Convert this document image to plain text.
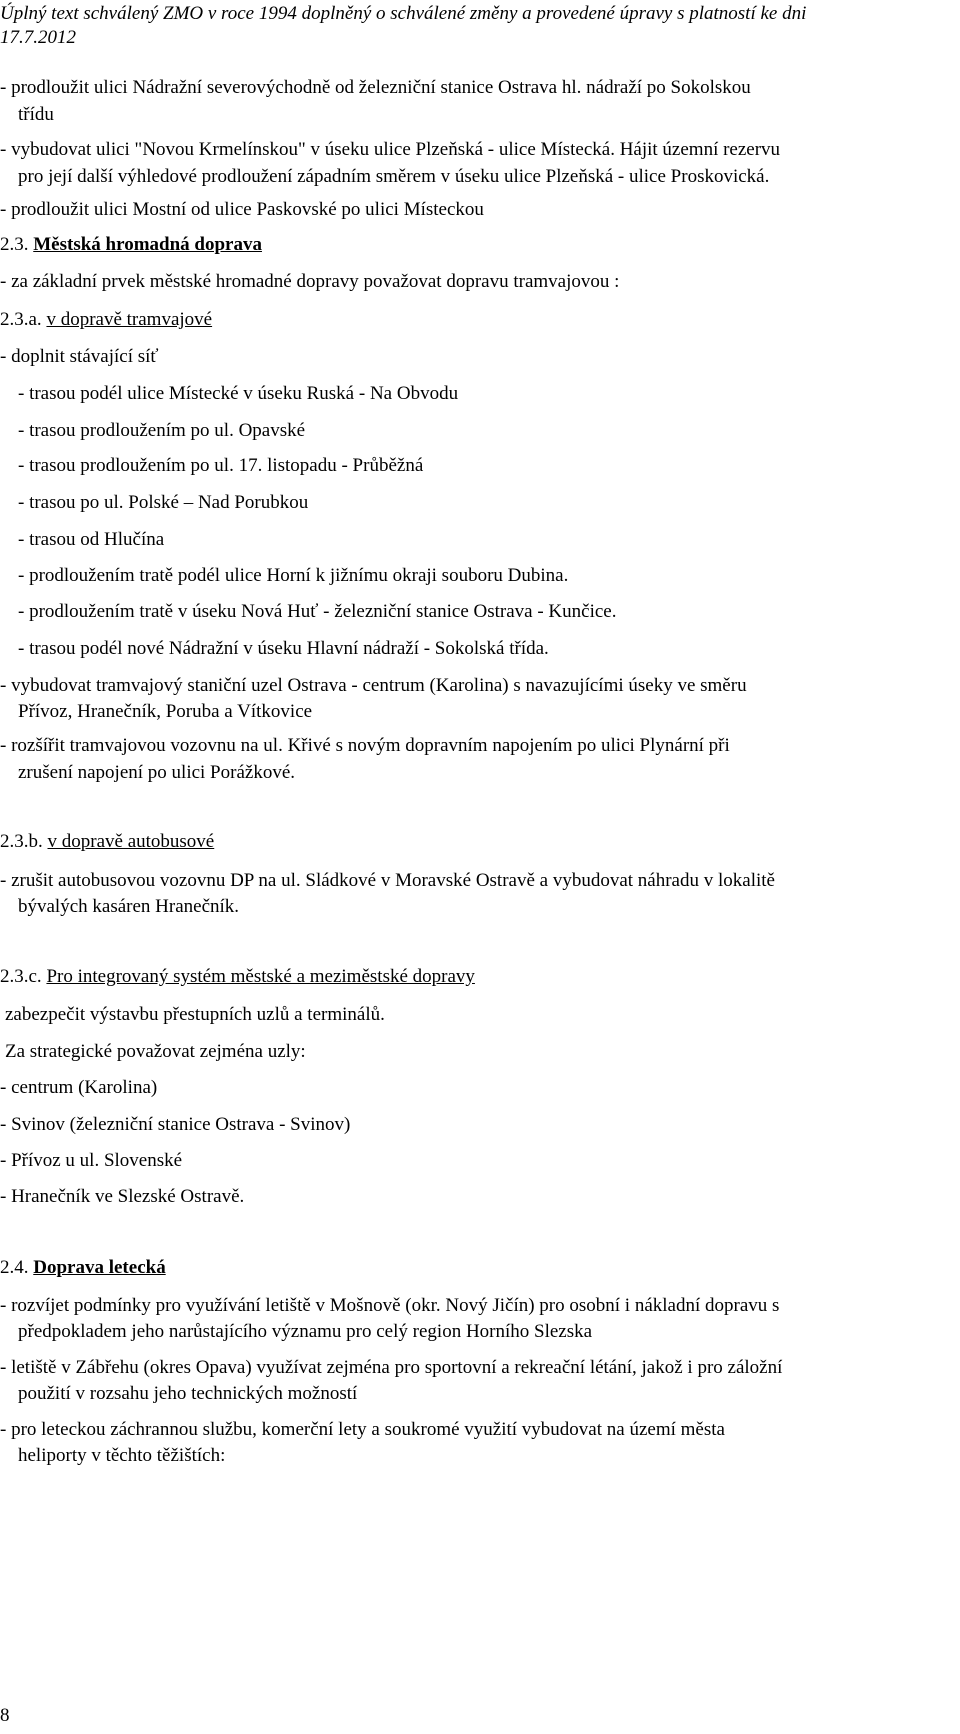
Úplný text schválený ZMO v roce 1994 doplněný o schválené změny a provedené úpravy s platností ke dni
17.7.2012
- prodloužit ulici Nádražní severovýchodně od železniční stanice Ostrava hl. nádraží po Sokolskou
třídu
- vybudovat ulici "Novou Krmelínskou" v úseku ulice Plzeňská - ulice Místecká. Hájit územní rezervu
pro její další výhledové prodloužení západním směrem v úseku ulice Plzeňská - ulice Proskovická.
- prodloužit ulici Mostní od ulice Paskovské po ulici Místeckou
2.3. Městská hromadná doprava
- za základní prvek městské hromadné dopravy považovat dopravu tramvajovou :
2.3.a. v dopravě tramvajové
- doplnit stávající síť
- trasou podél ulice Místecké v úseku Ruská - Na Obvodu
- trasou prodloužením po ul. Opavské
- trasou prodloužením po ul. 17. listopadu - Průběžná
- trasou po ul. Polské – Nad Porubkou
- trasou od Hlučína
- prodloužením tratě podél ulice Horní k jižnímu okraji souboru Dubina.
- prodloužením tratě v úseku Nová Huť - železniční stanice Ostrava - Kunčice.
- trasou podél nové Nádražní v úseku Hlavní nádraží - Sokolská třída.
- vybudovat tramvajový staniční uzel Ostrava - centrum (Karolina) s navazujícími úseky ve směru
Přívoz, Hranečník, Poruba a Vítkovice
- rozšířit tramvajovou vozovnu na ul. Křivé s novým dopravním napojením po ulici Plynární při
zrušení napojení po ulici Porážkové.
2.3.b. v dopravě autobusové
- zrušit autobusovou vozovnu DP na ul. Sládkové v Moravské Ostravě a vybudovat náhradu v lokalitě
bývalých kasáren Hranečník.
2.3.c. Pro integrovaný systém městské a meziměstské dopravy
zabezpečit výstavbu přestupních uzlů a terminálů.
Za strategické považovat zejména uzly:
- centrum (Karolina)
- Svinov (železniční stanice Ostrava - Svinov)
- Přívoz u ul. Slovenské
- Hranečník ve Slezské Ostravě.
2.4. Doprava letecká
- rozvíjet podmínky pro využívání letiště v Mošnově (okr. Nový Jičín) pro osobní i nákladní dopravu s
předpokladem jeho narůstajícího významu pro celý region Horního Slezska
- letiště v Zábřehu (okres Opava) využívat zejména pro sportovní a rekreační létání, jakož i pro záložní
použití v rozsahu jeho technických možností
- pro leteckou záchrannou službu, komerční lety a soukromé využití vybudovat na území města
heliporty v těchto těžištích:
8
